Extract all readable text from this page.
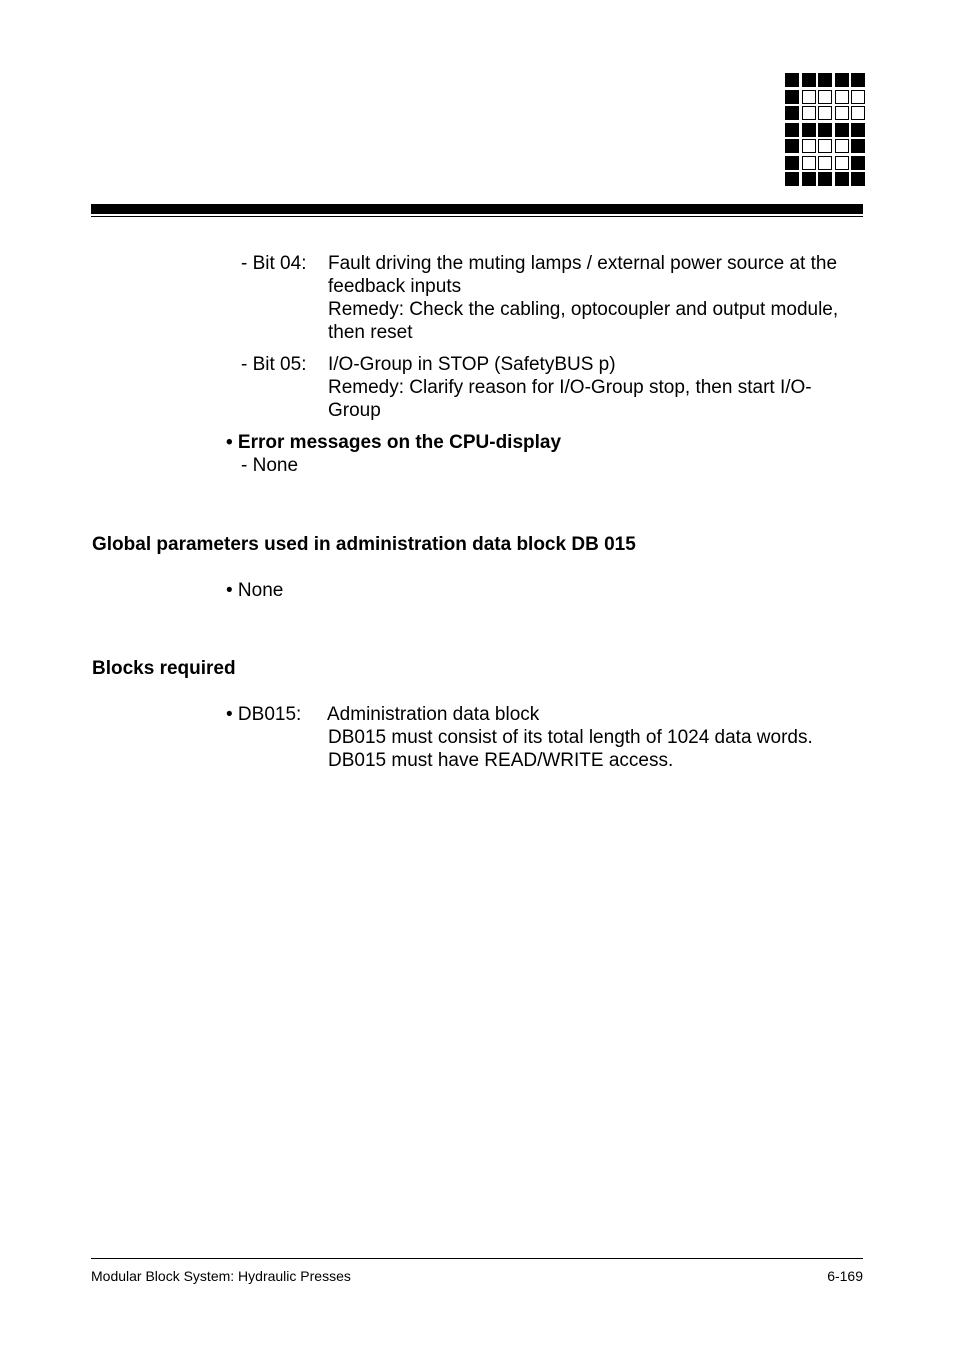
- Bit 04: Fault driving the muting lamps / external power source at the
feedback inputs
Remedy: Check the cabling, optocoupler and output module,
then reset
- Bit 05: I/O-Group in STOP (SafetyBUS p)
Remedy: Clarify reason for I/O-Group stop, then start I/O-
Group
• Error messages on the CPU-display
- None
Global parameters used in administration data block DB 015
• None
Blocks required
• DB015: Administration data block
DB015 must consist of its total length of 1024 data words.
DB015 must have READ/WRITE access.
Modular Block System: Hydraulic Presses	6-169
